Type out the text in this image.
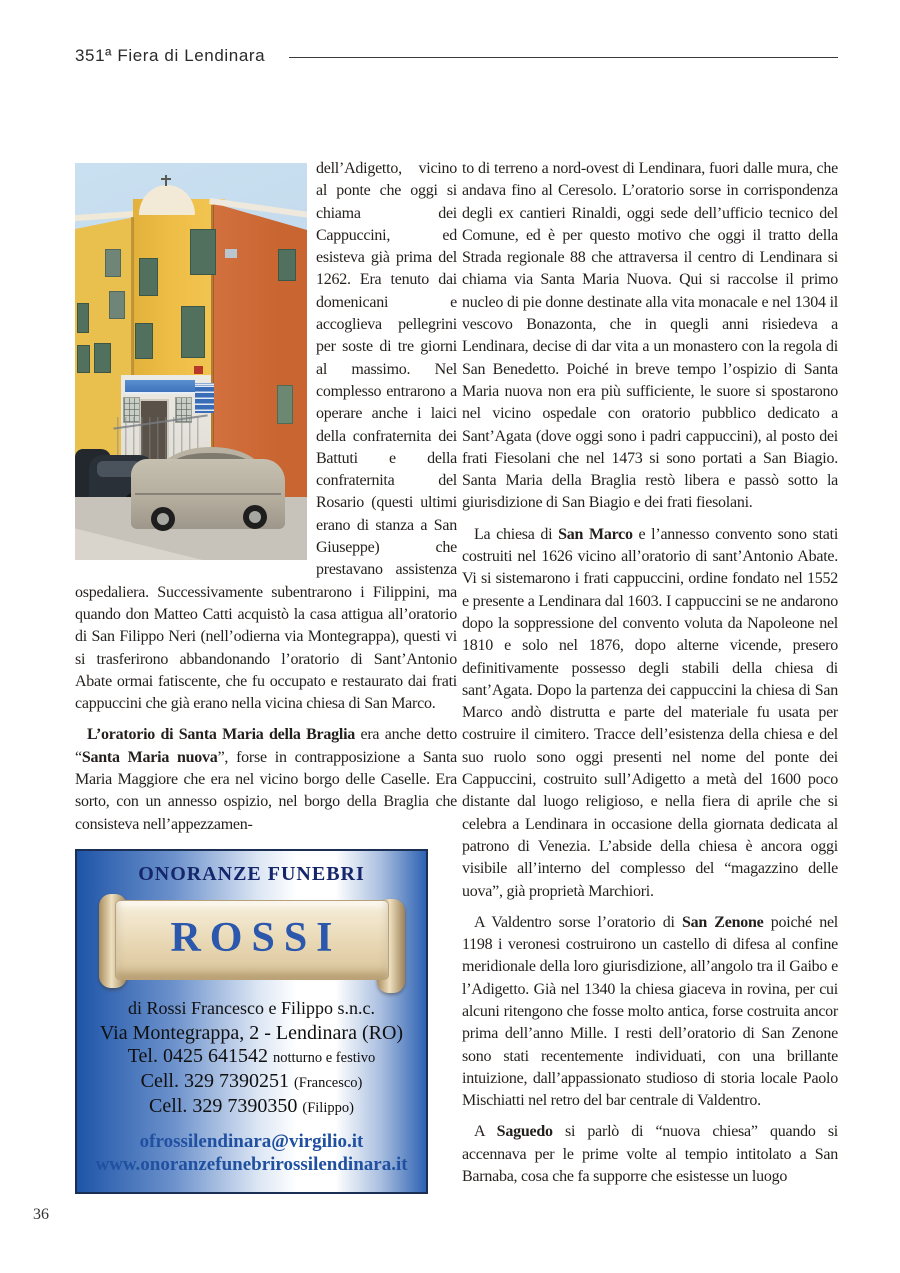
351ª Fiera di Lendinara

dell’Adigetto, vicino al ponte che oggi si chiama dei Cappuccini, ed esisteva già prima del 1262. Era tenuto dai domenicani e accoglieva pellegrini per soste di tre giorni al massimo. Nel complesso entrarono a operare anche i laici della confraternita dei Battuti e della confraternita del Rosario (questi ultimi erano di stanza a San Giuseppe) che prestavano assistenza ospedaliera. Successivamente subentrarono i Filippini, ma quando don Matteo Catti acquistò la casa attigua all’oratorio di San Filippo Neri (nell’odierna via Montegrappa), questi vi si trasferirono abbandonando l’oratorio di Sant’Antonio Abate ormai fatiscente, che fu occupato e restaurato dai frati cappuccini che già erano nella vicina chiesa di San Marco.

L’oratorio di Santa Maria della Braglia era anche detto “Santa Maria nuova”, forse in contrapposizione a Santa Maria Maggiore che era nel vicino borgo delle Caselle. Era sorto, con un annesso ospizio, nel borgo della Braglia che consisteva nell’appezzamen-

ONORANZE FUNEBRI
ROSSI
di Rossi Francesco e Filippo s.n.c.
Via Montegrappa, 2 - Lendinara (RO)
Tel. 0425 641542 notturno e festivo
Cell. 329 7390251 (Francesco)
Cell. 329 7390350 (Filippo)
ofrossilendinara@virgilio.it
www.onoranzefunebrirossilendinara.it

to di terreno a nord-ovest di Lendinara, fuori dalle mura, che andava fino al Ceresolo. L’oratorio sorse in corrispondenza degli ex cantieri Rinaldi, oggi sede dell’ufficio tecnico del Comune, ed è per questo motivo che oggi il tratto della Strada regionale 88 che attraversa il centro di Lendinara si chiama via Santa Maria Nuova. Qui si raccolse il primo nucleo di pie donne destinate alla vita monacale e nel 1304 il vescovo Bonazonta, che in quegli anni risiedeva a Lendinara, decise di dar vita a un monastero con la regola di San Benedetto. Poiché in breve tempo l’ospizio di Santa Maria nuova non era più sufficiente, le suore si spostarono nel vicino ospedale con oratorio pubblico dedicato a Sant’Agata (dove oggi sono i padri cappuccini), al posto dei frati Fiesolani che nel 1473 si sono portati a San Biagio. Santa Maria della Braglia restò libera e passò sotto la giurisdizione di San Biagio e dei frati fiesolani.

La chiesa di San Marco e l’annesso convento sono stati costruiti nel 1626 vicino all’oratorio di sant’Antonio Abate. Vi si sistemarono i frati cappuccini, ordine fondato nel 1552 e presente a Lendinara dal 1603. I cappuccini se ne andarono dopo la soppressione del convento voluta da Napoleone nel 1810 e solo nel 1876, dopo alterne vicende, presero definitivamente possesso degli stabili della chiesa di sant’Agata. Dopo la partenza dei cappuccini la chiesa di San Marco andò distrutta e parte del materiale fu usata per costruire il cimitero. Tracce dell’esistenza della chiesa e del suo ruolo sono oggi presenti nel nome del ponte dei Cappuccini, costruito sull’Adigetto a metà del 1600 poco distante dal luogo religioso, e nella fiera di aprile che si celebra a Lendinara in occasione della giornata dedicata al patrono di Venezia. L’abside della chiesa è ancora oggi visibile all’interno del complesso del “magazzino delle uova”, già proprietà Marchiori.

A Valdentro sorse l’oratorio di San Zenone poiché nel 1198 i veronesi costruirono un castello di difesa al confine meridionale della loro giurisdizione, all’angolo tra il Gaibo e l’Adigetto. Già nel 1340 la chiesa giaceva in rovina, per cui alcuni ritengono che fosse molto antica, forse costruita ancor prima dell’anno Mille. I resti dell’oratorio di San Zenone sono stati recentemente individuati, con una brillante intuizione, dall’appassionato studioso di storia locale Paolo Mischiatti nel retro del bar centrale di Valdentro.

A Saguedo si parlò di “nuova chiesa” quando si accennava per le prime volte al tempio intitolato a San Barnaba, cosa che fa supporre che esistesse un luogo

36
